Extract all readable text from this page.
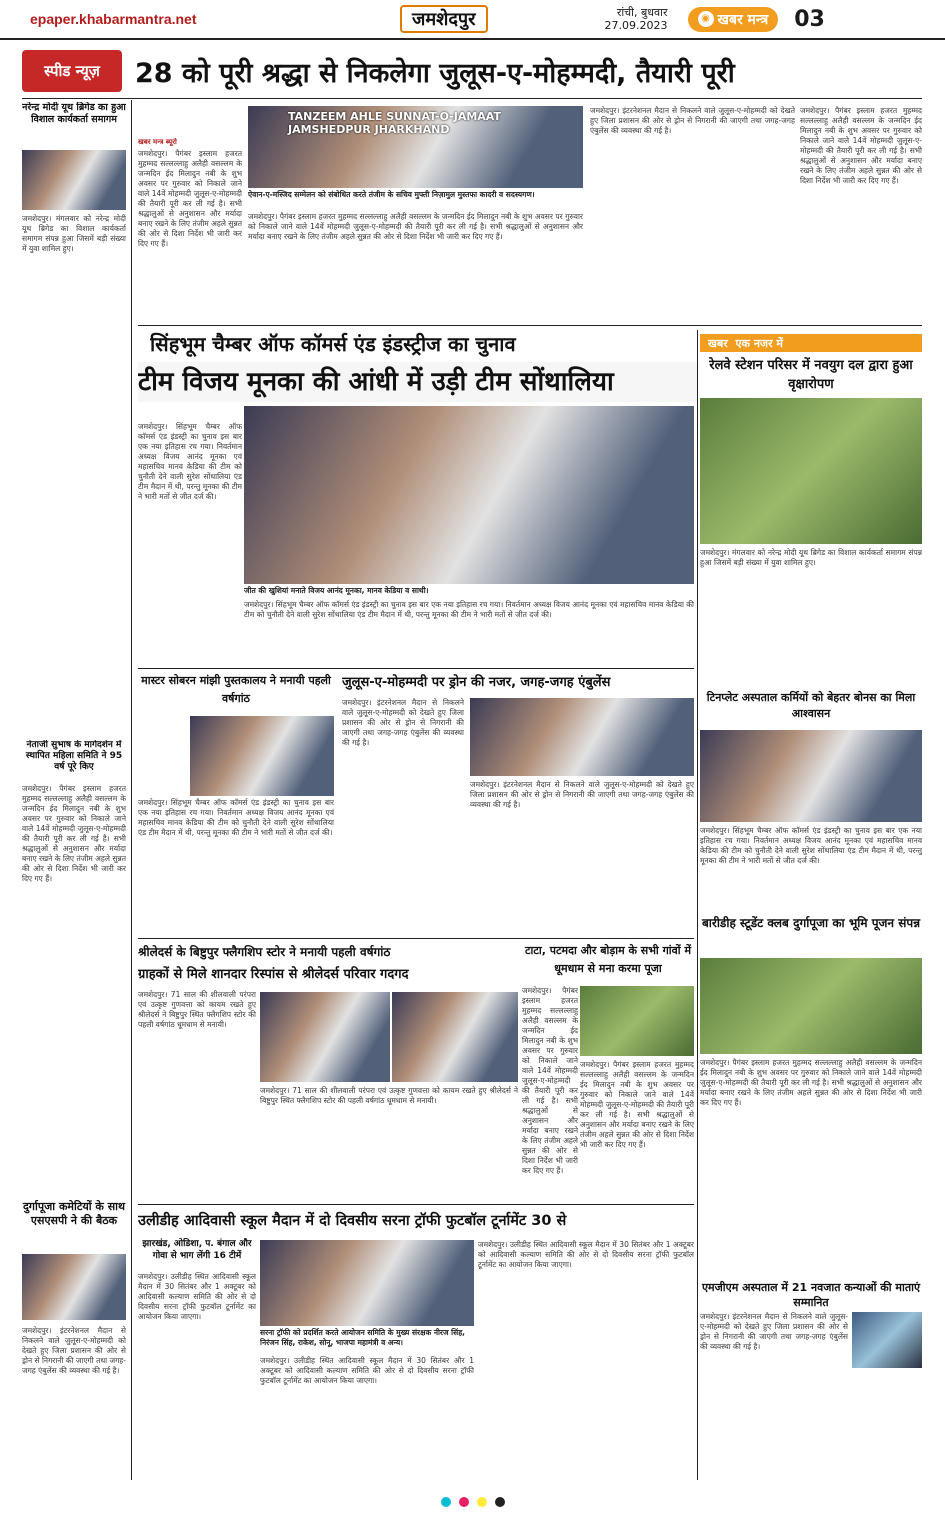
epaper.khabarmantra.net	जमशेदपुर	रांची, बुधवार
27.09.2023
◉ खबर मन्त्र 03
स्पीड न्यूज़	28 को पूरी श्रद्धा से निकलेगा जुलूस-ए-मोहम्मदी, तैयारी पूरी
नरेन्द्र मोदी यूथ ब्रिगेड का हुआ विशाल कार्यकर्ता समागम
जमशेदपुर। मंगलवार को नरेन्द्र मोदी यूथ ब्रिगेड का विशाल कार्यकर्ता समागम संपन्न हुआ जिसमें बड़ी संख्या में युवा शामिल हुए।
नेताजी सुभाष के मार्गदर्शन में स्थापित महिला समिति ने 95 वर्ष पूरे किए
जमशेदपुर। पैगंबर इस्लाम हजरत मुहम्मद सल्लल्लाहु अलैही वसल्लम के जन्मदिन ईद मिलादुन नबी के शुभ अवसर पर गुरुवार को निकाले जाने वाले 14वें मोहम्मदी जुलूस-ए-मोहम्मदी की तैयारी पूरी कर ली गई है। सभी श्रद्धालुओं से अनुशासन और मर्यादा बनाए रखने के लिए तंजीम अहले सुन्नत की ओर से दिशा निर्देश भी जारी कर दिए गए हैं।
दुर्गापूजा कमेटियों के साथ एसएसपी ने की बैठक
जमशेदपुर। इंटरनेशनल मैदान से निकलने वाले जुलूस-ए-मोहम्मदी को देखते हुए जिला प्रशासन की ओर से ड्रोन से निगरानी की जाएगी तथा जगह-जगह एंबुलेंस की व्यवस्था की गई है।
TANZEEM AHLE SUNNAT-O-JAMAAT JAMSHEDPUR JHARKHAND
ऐवान-ए-मस्जिद सम्मेलन को संबोधित करते तंजीम के सचिव मुफ्ती निज़ामुल मुस्तफा कादरी व सदस्यगण।
खबर मन्त्र ब्यूरो
जमशेदपुर। पैगंबर इस्लाम हजरत मुहम्मद सल्लल्लाहु अलैही वसल्लम के जन्मदिन ईद मिलादुन नबी के शुभ अवसर पर गुरुवार को निकाले जाने वाले 14वें मोहम्मदी जुलूस-ए-मोहम्मदी की तैयारी पूरी कर ली गई है। सभी श्रद्धालुओं से अनुशासन और मर्यादा बनाए रखने के लिए तंजीम अहले सुन्नत की ओर से दिशा निर्देश भी जारी कर दिए गए हैं।
जमशेदपुर। पैगंबर इस्लाम हजरत मुहम्मद सल्लल्लाहु अलैही वसल्लम के जन्मदिन ईद मिलादुन नबी के शुभ अवसर पर गुरुवार को निकाले जाने वाले 14वें मोहम्मदी जुलूस-ए-मोहम्मदी की तैयारी पूरी कर ली गई है। सभी श्रद्धालुओं से अनुशासन और मर्यादा बनाए रखने के लिए तंजीम अहले सुन्नत की ओर से दिशा निर्देश भी जारी कर दिए गए हैं।
जमशेदपुर। इंटरनेशनल मैदान से निकलने वाले जुलूस-ए-मोहम्मदी को देखते हुए जिला प्रशासन की ओर से ड्रोन से निगरानी की जाएगी तथा जगह-जगह एंबुलेंस की व्यवस्था की गई है।
जमशेदपुर। पैगंबर इस्लाम हजरत मुहम्मद सल्लल्लाहु अलैही वसल्लम के जन्मदिन ईद मिलादुन नबी के शुभ अवसर पर गुरुवार को निकाले जाने वाले 14वें मोहम्मदी जुलूस-ए-मोहम्मदी की तैयारी पूरी कर ली गई है। सभी श्रद्धालुओं से अनुशासन और मर्यादा बनाए रखने के लिए तंजीम अहले सुन्नत की ओर से दिशा निर्देश भी जारी कर दिए गए हैं।
सिंहभूम चैम्बर ऑफ कॉमर्स एंड इंडस्ट्रीज का चुनाव
टीम विजय मूनका की आंधी में उड़ी टीम सोंथालिया
जीत की खुशियां मनाते विजय आनंद मूनका, मानव केडिया व साथी।
जमशेदपुर। सिंहभूम चैम्बर ऑफ कॉमर्स एंड इंडस्ट्री का चुनाव इस बार एक नया इतिहास रच गया। निवर्तमान अध्यक्ष विजय आनंद मूनका एवं महासचिव मानव केडिया की टीम को चुनौती देने वाली सुरेश सोंथालिया एंड टीम मैदान में थी, परन्तु मूनका की टीम ने भारी मतों से जीत दर्ज की।
जमशेदपुर। सिंहभूम चैम्बर ऑफ कॉमर्स एंड इंडस्ट्री का चुनाव इस बार एक नया इतिहास रच गया। निवर्तमान अध्यक्ष विजय आनंद मूनका एवं महासचिव मानव केडिया की टीम को चुनौती देने वाली सुरेश सोंथालिया एंड टीम मैदान में थी, परन्तु मूनका की टीम ने भारी मतों से जीत दर्ज की।
खबर
एक नजर में
रेलवे स्टेशन परिसर में नवयुग दल द्वारा हुआ वृक्षारोपण
जमशेदपुर। मंगलवार को नरेन्द्र मोदी यूथ ब्रिगेड का विशाल कार्यकर्ता समागम संपन्न हुआ जिसमें बड़ी संख्या में युवा शामिल हुए।
टिनप्लेट अस्पताल कर्मियों को बेहतर बोनस का मिला आश्वासन
जमशेदपुर। सिंहभूम चैम्बर ऑफ कॉमर्स एंड इंडस्ट्री का चुनाव इस बार एक नया इतिहास रच गया। निवर्तमान अध्यक्ष विजय आनंद मूनका एवं महासचिव मानव केडिया की टीम को चुनौती देने वाली सुरेश सोंथालिया एंड टीम मैदान में थी, परन्तु मूनका की टीम ने भारी मतों से जीत दर्ज की।
बारीडीह स्टूडेंट क्लब दुर्गापूजा का भूमि पूजन संपन्न
जमशेदपुर। पैगंबर इस्लाम हजरत मुहम्मद सल्लल्लाहु अलैही वसल्लम के जन्मदिन ईद मिलादुन नबी के शुभ अवसर पर गुरुवार को निकाले जाने वाले 14वें मोहम्मदी जुलूस-ए-मोहम्मदी की तैयारी पूरी कर ली गई है। सभी श्रद्धालुओं से अनुशासन और मर्यादा बनाए रखने के लिए तंजीम अहले सुन्नत की ओर से दिशा निर्देश भी जारी कर दिए गए हैं।
एमजीएम अस्पताल में 21 नवजात कन्याओं की माताएं सम्मानित
जमशेदपुर। इंटरनेशनल मैदान से निकलने वाले जुलूस-ए-मोहम्मदी को देखते हुए जिला प्रशासन की ओर से ड्रोन से निगरानी की जाएगी तथा जगह-जगह एंबुलेंस की व्यवस्था की गई है।
मास्टर सोबरन मांझी पुस्तकालय ने मनायी पहली वर्षगांठ
जमशेदपुर। सिंहभूम चैम्बर ऑफ कॉमर्स एंड इंडस्ट्री का चुनाव इस बार एक नया इतिहास रच गया। निवर्तमान अध्यक्ष विजय आनंद मूनका एवं महासचिव मानव केडिया की टीम को चुनौती देने वाली सुरेश सोंथालिया एंड टीम मैदान में थी, परन्तु मूनका की टीम ने भारी मतों से जीत दर्ज की।
जुलूस-ए-मोहम्मदी पर ड्रोन की नजर, जगह-जगह एंबुलेंस
जमशेदपुर। इंटरनेशनल मैदान से निकलने वाले जुलूस-ए-मोहम्मदी को देखते हुए जिला प्रशासन की ओर से ड्रोन से निगरानी की जाएगी तथा जगह-जगह एंबुलेंस की व्यवस्था की गई है।
जमशेदपुर। इंटरनेशनल मैदान से निकलने वाले जुलूस-ए-मोहम्मदी को देखते हुए जिला प्रशासन की ओर से ड्रोन से निगरानी की जाएगी तथा जगह-जगह एंबुलेंस की व्यवस्था की गई है।
श्रीलेदर्स के बिष्टुपुर फ्लैगशिप स्टोर ने मनायी पहली वर्षगांठ
ग्राहकों से मिले शानदार रिस्पांस से श्रीलेदर्स परिवार गदगद
जमशेदपुर। 71 साल की शीलवाली परंपरा एवं उत्कृष्ट गुणवत्ता को कायम रखते हुए श्रीलेदर्स ने बिष्टुपुर स्थित फ्लैगशिप स्टोर की पहली वर्षगांठ धूमधाम से मनायी।
जमशेदपुर। 71 साल की शीलवाली परंपरा एवं उत्कृष्ट गुणवत्ता को कायम रखते हुए श्रीलेदर्स ने बिष्टुपुर स्थित फ्लैगशिप स्टोर की पहली वर्षगांठ धूमधाम से मनायी।
टाटा, पटमदा और बोड़ाम के सभी गांवों में धूमधाम से मना करमा पूजा
जमशेदपुर। पैगंबर इस्लाम हजरत मुहम्मद सल्लल्लाहु अलैही वसल्लम के जन्मदिन ईद मिलादुन नबी के शुभ अवसर पर गुरुवार को निकाले जाने वाले 14वें मोहम्मदी जुलूस-ए-मोहम्मदी की तैयारी पूरी कर ली गई है। सभी श्रद्धालुओं से अनुशासन और मर्यादा बनाए रखने के लिए तंजीम अहले सुन्नत की ओर से दिशा निर्देश भी जारी कर दिए गए हैं।
जमशेदपुर। पैगंबर इस्लाम हजरत मुहम्मद सल्लल्लाहु अलैही वसल्लम के जन्मदिन ईद मिलादुन नबी के शुभ अवसर पर गुरुवार को निकाले जाने वाले 14वें मोहम्मदी जुलूस-ए-मोहम्मदी की तैयारी पूरी कर ली गई है। सभी श्रद्धालुओं से अनुशासन और मर्यादा बनाए रखने के लिए तंजीम अहले सुन्नत की ओर से दिशा निर्देश भी जारी कर दिए गए हैं।
उलीडीह आदिवासी स्कूल मैदान में दो दिवसीय सरना ट्रॉफी फुटबॉल टूर्नामेंट 30 से
झारखंड, ओडिशा, प. बंगाल और गोवा से भाग लेंगी 16 टीमें
सरना ट्रॉफी को प्रदर्शित करते आयोजन समिति के मुख्य संरक्षक नीरज सिंह, निरंजन सिंह, राकेश, सोनू, भाजपा महामंत्री व अन्य।
जमशेदपुर। उलीडीह स्थित आदिवासी स्कूल मैदान में 30 सितंबर और 1 अक्टूबर को आदिवासी कल्याण समिति की ओर से दो दिवसीय सरना ट्रॉफी फुटबॉल टूर्नामेंट का आयोजन किया जाएगा।
जमशेदपुर। उलीडीह स्थित आदिवासी स्कूल मैदान में 30 सितंबर और 1 अक्टूबर को आदिवासी कल्याण समिति की ओर से दो दिवसीय सरना ट्रॉफी फुटबॉल टूर्नामेंट का आयोजन किया जाएगा।
जमशेदपुर। उलीडीह स्थित आदिवासी स्कूल मैदान में 30 सितंबर और 1 अक्टूबर को आदिवासी कल्याण समिति की ओर से दो दिवसीय सरना ट्रॉफी फुटबॉल टूर्नामेंट का आयोजन किया जाएगा।
